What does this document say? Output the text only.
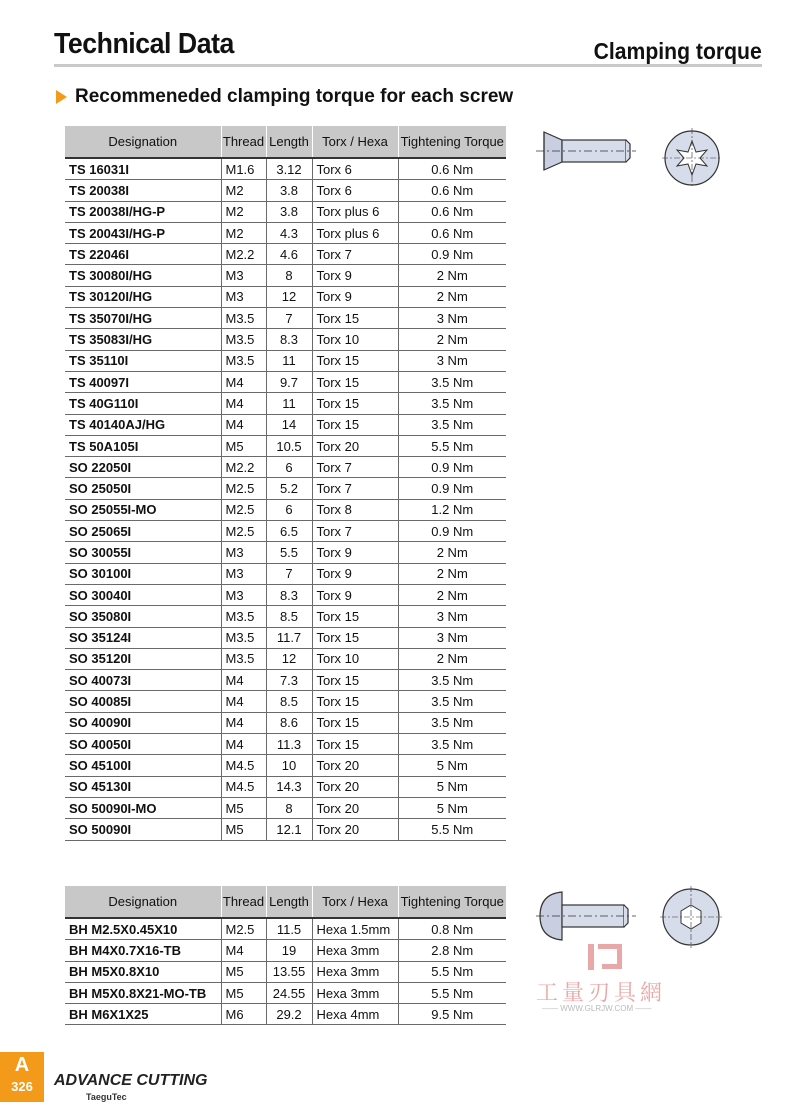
Technical Data	Clamping torque
Recommeneded clamping torque for each screw
Designation	Thread	Length	Torx / Hexa	Tightening Torque
TS 16031I	M1.6	3.12	Torx 6	0.6 Nm
TS 20038I	M2	3.8	Torx 6	0.6 Nm
TS 20038I/HG-P	M2	3.8	Torx plus 6	0.6 Nm
TS 20043I/HG-P	M2	4.3	Torx plus 6	0.6 Nm
TS 22046I	M2.2	4.6	Torx 7	0.9 Nm
TS 30080I/HG	M3	8	Torx 9	2 Nm
TS 30120I/HG	M3	12	Torx 9	2 Nm
TS 35070I/HG	M3.5	7	Torx 15	3 Nm
TS 35083I/HG	M3.5	8.3	Torx 10	2 Nm
TS 35110I	M3.5	11	Torx 15	3 Nm
TS 40097I	M4	9.7	Torx 15	3.5 Nm
TS 40G110I	M4	11	Torx 15	3.5 Nm
TS 40140AJ/HG	M4	14	Torx 15	3.5 Nm
TS 50A105I	M5	10.5	Torx 20	5.5 Nm
SO 22050I	M2.2	6	Torx 7	0.9 Nm
SO 25050I	M2.5	5.2	Torx 7	0.9 Nm
SO 25055I-MO	M2.5	6	Torx 8	1.2 Nm
SO 25065I	M2.5	6.5	Torx 7	0.9 Nm
SO 30055I	M3	5.5	Torx 9	2 Nm
SO 30100I	M3	7	Torx 9	2 Nm
SO 30040I	M3	8.3	Torx 9	2 Nm
SO 35080I	M3.5	8.5	Torx 15	3 Nm
SO 35124I	M3.5	11.7	Torx 15	3 Nm
SO 35120I	M3.5	12	Torx 10	2 Nm
SO 40073I	M4	7.3	Torx 15	3.5 Nm
SO 40085I	M4	8.5	Torx 15	3.5 Nm
SO 40090I	M4	8.6	Torx 15	3.5 Nm
SO 40050I	M4	11.3	Torx 15	3.5 Nm
SO 45100I	M4.5	10	Torx 20	5 Nm
SO 45130I	M4.5	14.3	Torx 20	5 Nm
SO 50090I-MO	M5	8	Torx 20	5 Nm
SO 50090I	M5	12.1	Torx 20	5.5 Nm
Designation	Thread	Length	Torx / Hexa	Tightening Torque
BH M2.5X0.45X10	M2.5	11.5	Hexa 1.5mm	0.8 Nm
BH M4X0.7X16-TB	M4	19	Hexa 3mm	2.8 Nm
BH M5X0.8X10	M5	13.55	Hexa 3mm	5.5 Nm
BH M5X0.8X21-MO-TB	M5	24.55	Hexa 3mm	5.5 Nm
BH M6X1X25	M6	29.2	Hexa 4mm	9.5 Nm
工量刃具網
—— WWW.GLRJW.COM ——
A
326	ADVANCE CUTTING
TaeguTec
